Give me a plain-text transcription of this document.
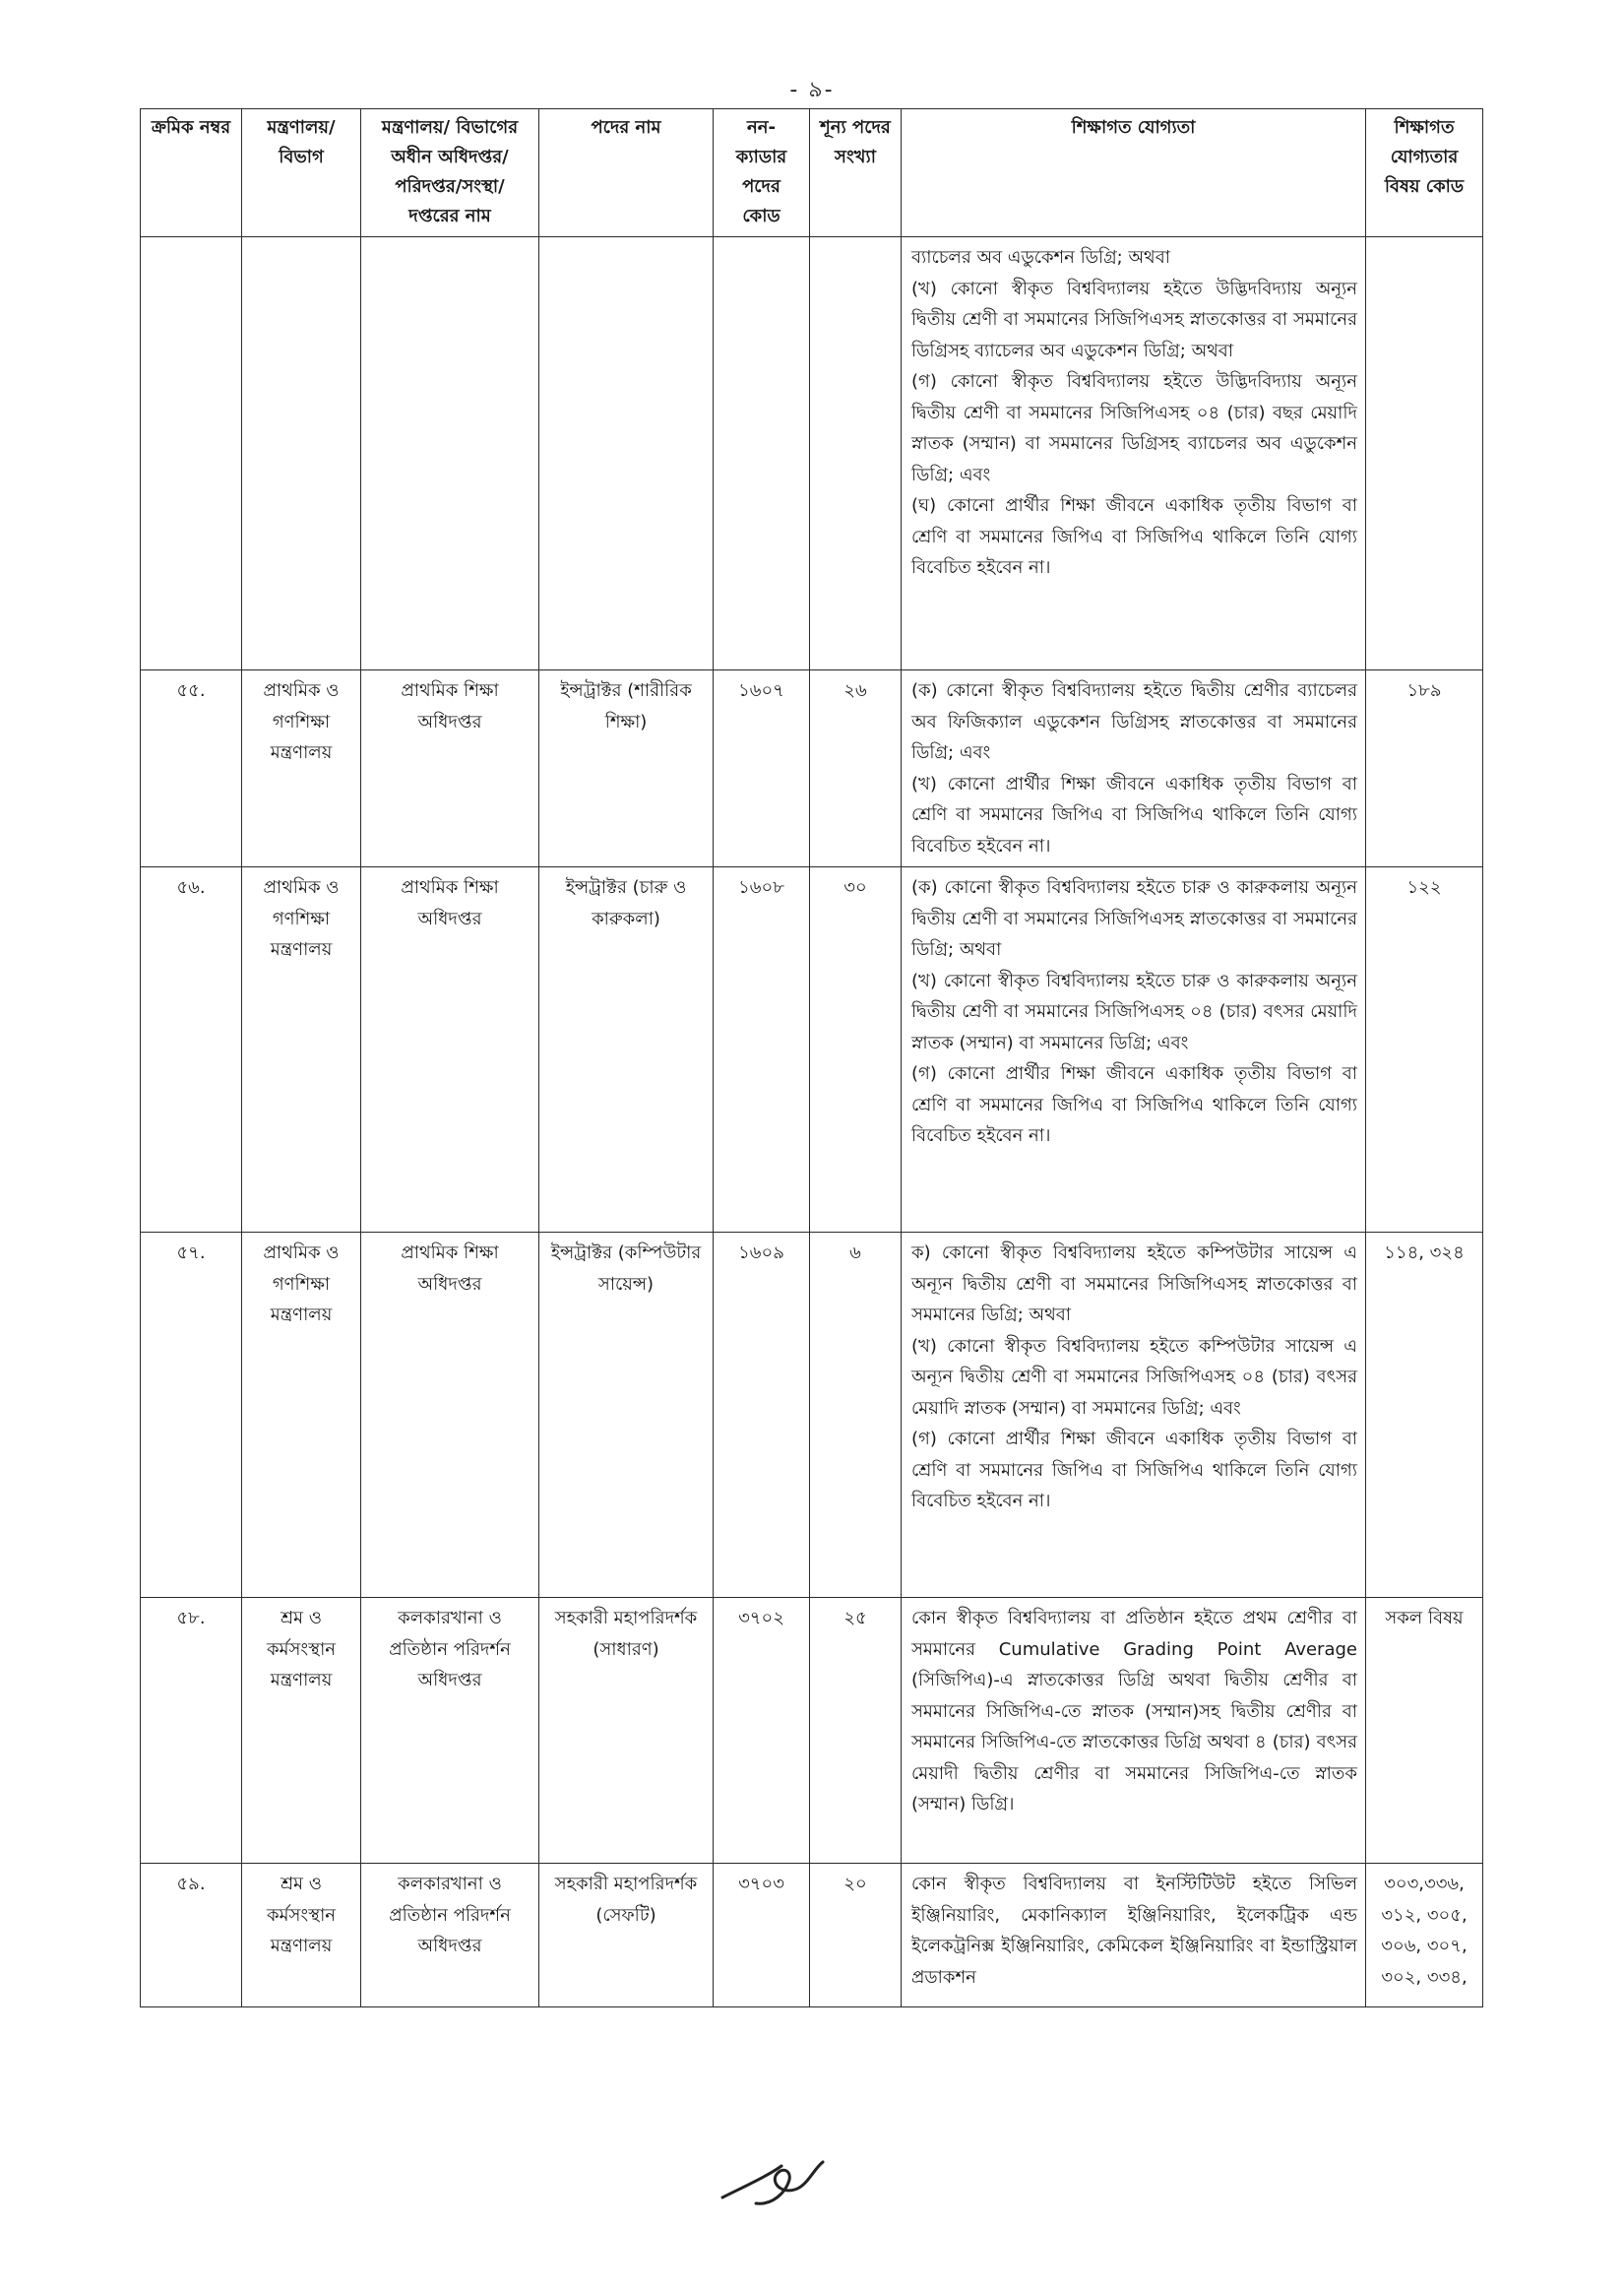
- ৯-
ক্রমিক নম্বর	মন্ত্রণালয়/ বিভাগ	মন্ত্রণালয়/ বিভাগের অধীন অধিদপ্তর/ পরিদপ্তর/সংস্থা/ দপ্তরের নাম	পদের নাম	নন- ক্যাডার পদের কোড	শূন্য পদের সংখ্যা	শিক্ষাগত যোগ্যতা	শিক্ষাগত যোগ্যতার বিষয় কোড

						ব্যাচেলর অব এডুকেশন ডিগ্রি; অথবা
(খ) কোনো স্বীকৃত বিশ্ববিদ্যালয় হইতে উদ্ভিদবিদ্যায় অন্যূন দ্বিতীয় শ্রেণী বা সমমানের সিজিপিএসহ স্নাতকোত্তর বা সমমানের ডিগ্রিসহ ব্যাচেলর অব এডুকেশন ডিগ্রি; অথবা
(গ) কোনো স্বীকৃত বিশ্ববিদ্যালয় হইতে উদ্ভিদবিদ্যায় অন্যূন দ্বিতীয় শ্রেণী বা সমমানের সিজিপিএসহ ০৪ (চার) বছর মেয়াদি স্নাতক (সম্মান) বা সমমানের ডিগ্রিসহ ব্যাচেলর অব এডুকেশন ডিগ্রি; এবং
(ঘ) কোনো প্রার্থীর শিক্ষা জীবনে একাধিক তৃতীয় বিভাগ বা শ্রেণি বা সমমানের জিপিএ বা সিজিপিএ থাকিলে তিনি যোগ্য বিবেচিত হইবেন না।	

৫৫.	প্রাথমিক ও গণশিক্ষা মন্ত্রণালয়	প্রাথমিক শিক্ষা অধিদপ্তর	ইন্সট্রাক্টর (শারীরিক শিক্ষা)	১৬০৭	২৬	(ক) কোনো স্বীকৃত বিশ্ববিদ্যালয় হইতে দ্বিতীয় শ্রেণীর ব্যাচেলর অব ফিজিক্যাল এডুকেশন ডিগ্রিসহ স্নাতকোত্তর বা সমমানের ডিগ্রি; এবং
(খ) কোনো প্রার্থীর শিক্ষা জীবনে একাধিক তৃতীয় বিভাগ বা শ্রেণি বা সমমানের জিপিএ বা সিজিপিএ থাকিলে তিনি যোগ্য বিবেচিত হইবেন না।	১৮৯
৫৬.	প্রাথমিক ও গণশিক্ষা মন্ত্রণালয়	প্রাথমিক শিক্ষা অধিদপ্তর	ইন্সট্রাক্টর (চারু ও কারুকলা)	১৬০৮	৩০	(ক) কোনো স্বীকৃত বিশ্ববিদ্যালয় হইতে চারু ও কারুকলায় অন্যূন দ্বিতীয় শ্রেণী বা সমমানের সিজিপিএসহ স্নাতকোত্তর বা সমমানের ডিগ্রি; অথবা
(খ) কোনো স্বীকৃত বিশ্ববিদ্যালয় হইতে চারু ও কারুকলায় অন্যূন দ্বিতীয় শ্রেণী বা সমমানের সিজিপিএসহ ০৪ (চার) বৎসর মেয়াদি স্নাতক (সম্মান) বা সমমানের ডিগ্রি; এবং
(গ) কোনো প্রার্থীর শিক্ষা জীবনে একাধিক তৃতীয় বিভাগ বা শ্রেণি বা সমমানের জিপিএ বা সিজিপিএ থাকিলে তিনি যোগ্য বিবেচিত হইবেন না।	১২২
৫৭.	প্রাথমিক ও গণশিক্ষা মন্ত্রণালয়	প্রাথমিক শিক্ষা অধিদপ্তর	ইন্সট্রাক্টর (কম্পিউটার সায়েন্স)	১৬০৯	৬	ক) কোনো স্বীকৃত বিশ্ববিদ্যালয় হইতে কম্পিউটার সায়েন্স এ অন্যূন দ্বিতীয় শ্রেণী বা সমমানের সিজিপিএসহ স্নাতকোত্তর বা সমমানের ডিগ্রি; অথবা
(খ) কোনো স্বীকৃত বিশ্ববিদ্যালয় হইতে কম্পিউটার সায়েন্স এ অন্যূন দ্বিতীয় শ্রেণী বা সমমানের সিজিপিএসহ ০৪ (চার) বৎসর মেয়াদি স্নাতক (সম্মান) বা সমমানের ডিগ্রি; এবং
(গ) কোনো প্রার্থীর শিক্ষা জীবনে একাধিক তৃতীয় বিভাগ বা শ্রেণি বা সমমানের জিপিএ বা সিজিপিএ থাকিলে তিনি যোগ্য বিবেচিত হইবেন না।	১১৪, ৩২৪
৫৮.	শ্রম ও কর্মসংস্থান মন্ত্রণালয়	কলকারখানা ও প্রতিষ্ঠান পরিদর্শন অধিদপ্তর	সহকারী মহাপরিদর্শক (সাধারণ)	৩৭০২	২৫	কোন স্বীকৃত বিশ্ববিদ্যালয় বা প্রতিষ্ঠান হইতে প্রথম শ্রেণীর বা সমমানের Cumulative Grading Point Average (সিজিপিএ)-এ স্নাতকোত্তর ডিগ্রি অথবা দ্বিতীয় শ্রেণীর বা সমমানের সিজিপিএ-তে স্নাতক (সম্মান)সহ দ্বিতীয় শ্রেণীর বা সমমানের সিজিপিএ-তে স্নাতকোত্তর ডিগ্রি অথবা ৪ (চার) বৎসর মেয়াদী দ্বিতীয় শ্রেণীর বা সমমানের সিজিপিএ-তে স্নাতক (সম্মান) ডিগ্রি।	সকল বিষয়
৫৯.	শ্রম ও কর্মসংস্থান মন্ত্রণালয়	কলকারখানা ও প্রতিষ্ঠান পরিদর্শন অধিদপ্তর	সহকারী মহাপরিদর্শক (সেফটি)	৩৭০৩	২০	কোন স্বীকৃত বিশ্ববিদ্যালয় বা ইনস্টিটিউট হইতে সিভিল ইঞ্জিনিয়ারিং, মেকানিক্যাল ইঞ্জিনিয়ারিং, ইলেকট্রিক এন্ড ইলেকট্রনিক্স ইঞ্জিনিয়ারিং, কেমিকেল ইঞ্জিনিয়ারিং বা ইন্ডাস্ট্রিয়াল প্রডাকশন	৩০৩,৩৩৬, ৩১২, ৩০৫, ৩০৬, ৩০৭, ৩০২, ৩৩৪,
